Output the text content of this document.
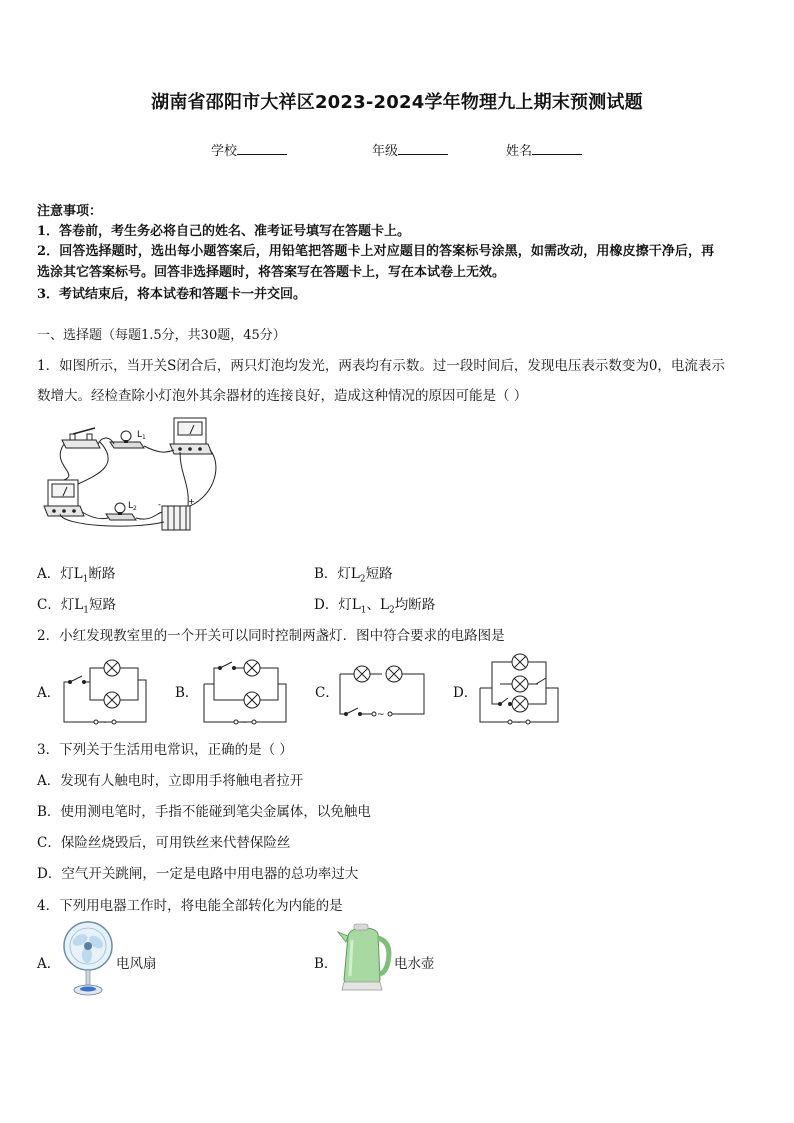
湖南省邵阳市大祥区2023-2024学年物理九上期末预测试题
学校	年级	姓名
注意事项：
1．答卷前，考生务必将自己的姓名、准考证号填写在答题卡上。
2．回答选择题时，选出每小题答案后，用铅笔把答题卡上对应题目的答案标号涂黑，如需改动，用橡皮擦干净后，再
选涂其它答案标号。回答非选择题时，将答案写在答题卡上，写在本试卷上无效。
3．考试结束后，将本试卷和答题卡一并交回。
一、选择题（每题1.5分，共30题，45分）
1．如图所示，当开关S闭合后，两只灯泡均发光，两表均有示数。过一段时间后，发现电压表示数变为0，电流表示
数增大。经检查除小灯泡外其余器材的连接良好，造成这种情况的原因可能是（ ）
$L_1$
$L_2$	-	+
A．灯$L_1$断路	B．灯$L_2$短路
C．灯$L_1$短路	D．灯$L_1$、$L_2$均断路
2．小红发现教室里的一个开关可以同时控制两盏灯．图中符合要求的电路图是
A．	B．	C．	D．
~	~
~
~
3．下列关于生活用电常识，正确的是（ ）
A．发现有人触电时，立即用手将触电者拉开
B．使用测电笔时，手指不能碰到笔尖金属体，以免触电
C．保险丝烧毁后，可用铁丝来代替保险丝
D．空气开关跳闸，一定是电路中用电器的总功率过大
4．下列用电器工作时，将电能全部转化为内能的是
A．	电风扇	B．	电水壶
